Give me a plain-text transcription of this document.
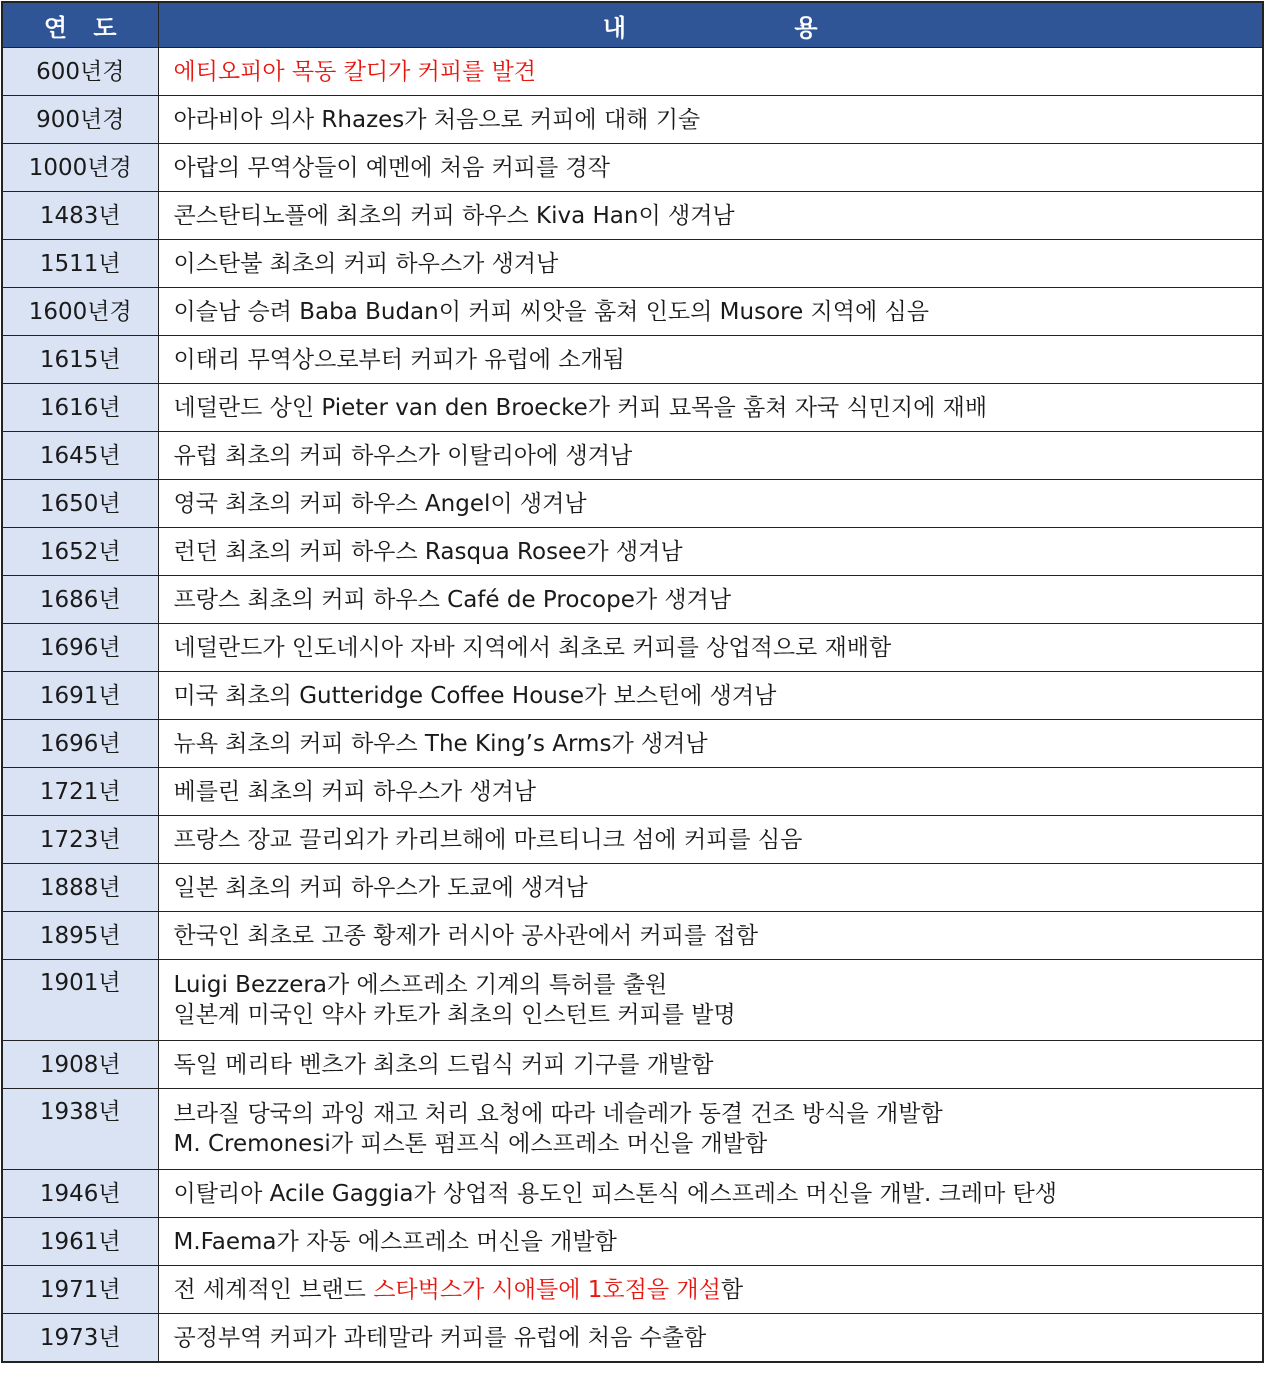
연 도	내 용
600년경	에티오피아 목동 칼디가 커피를 발견

900년경	아라비아 의사 Rhazes가 처음으로 커피에 대해 기술

1000년경	아랍의 무역상들이 예멘에 처음 커피를 경작

1483년	콘스탄티노플에 최초의 커피 하우스 Kiva Han이 생겨남

1511년	이스탄불 최초의 커피 하우스가 생겨남

1600년경	이슬남 승려 Baba Budan이 커피 씨앗을 훔쳐 인도의 Musore 지역에 심음

1615년	이태리 무역상으로부터 커피가 유럽에 소개됨

1616년	네덜란드 상인 Pieter van den Broecke가 커피 묘목을 훔쳐 자국 식민지에 재배

1645년	유럽 최초의 커피 하우스가 이탈리아에 생겨남

1650년	영국 최초의 커피 하우스 Angel이 생겨남

1652년	런던 최초의 커피 하우스 Rasqua Rosee가 생겨남

1686년	프랑스 최초의 커피 하우스 Café de Procope가 생겨남

1696년	네덜란드가 인도네시아 자바 지역에서 최초로 커피를 상업적으로 재배함

1691년	미국 최초의 Gutteridge Coffee House가 보스턴에 생겨남

1696년	뉴욕 최초의 커피 하우스 The King’s Arms가 생겨남

1721년	베를린 최초의 커피 하우스가 생겨남

1723년	프랑스 장교 끌리외가 카리브해에 마르티니크 섬에 커피를 심음

1888년	일본 최초의 커피 하우스가 도쿄에 생겨남

1895년	한국인 최초로 고종 황제가 러시아 공사관에서 커피를 접함

1901년	Luigi Bezzera가 에스프레소 기계의 특허를 출원
일본계 미국인 약사 카토가 최초의 인스턴트 커피를 발명

1908년	독일 메리타 벤츠가 최초의 드립식 커피 기구를 개발함

1938년	브라질 당국의 과잉 재고 처리 요청에 따라 네슬레가 동결 건조 방식을 개발함
M. Cremonesi가 피스톤 펌프식 에스프레소 머신을 개발함

1946년	이탈리아 Acile Gaggia가 상업적 용도인 피스톤식 에스프레소 머신을 개발. 크레마 탄생

1961년	M.Faema가 자동 에스프레소 머신을 개발함

1971년	전 세계적인 브랜드 스타벅스가 시애틀에 1호점을 개설함

1973년	공정부역 커피가 과테말라 커피를 유럽에 처음 수출함
